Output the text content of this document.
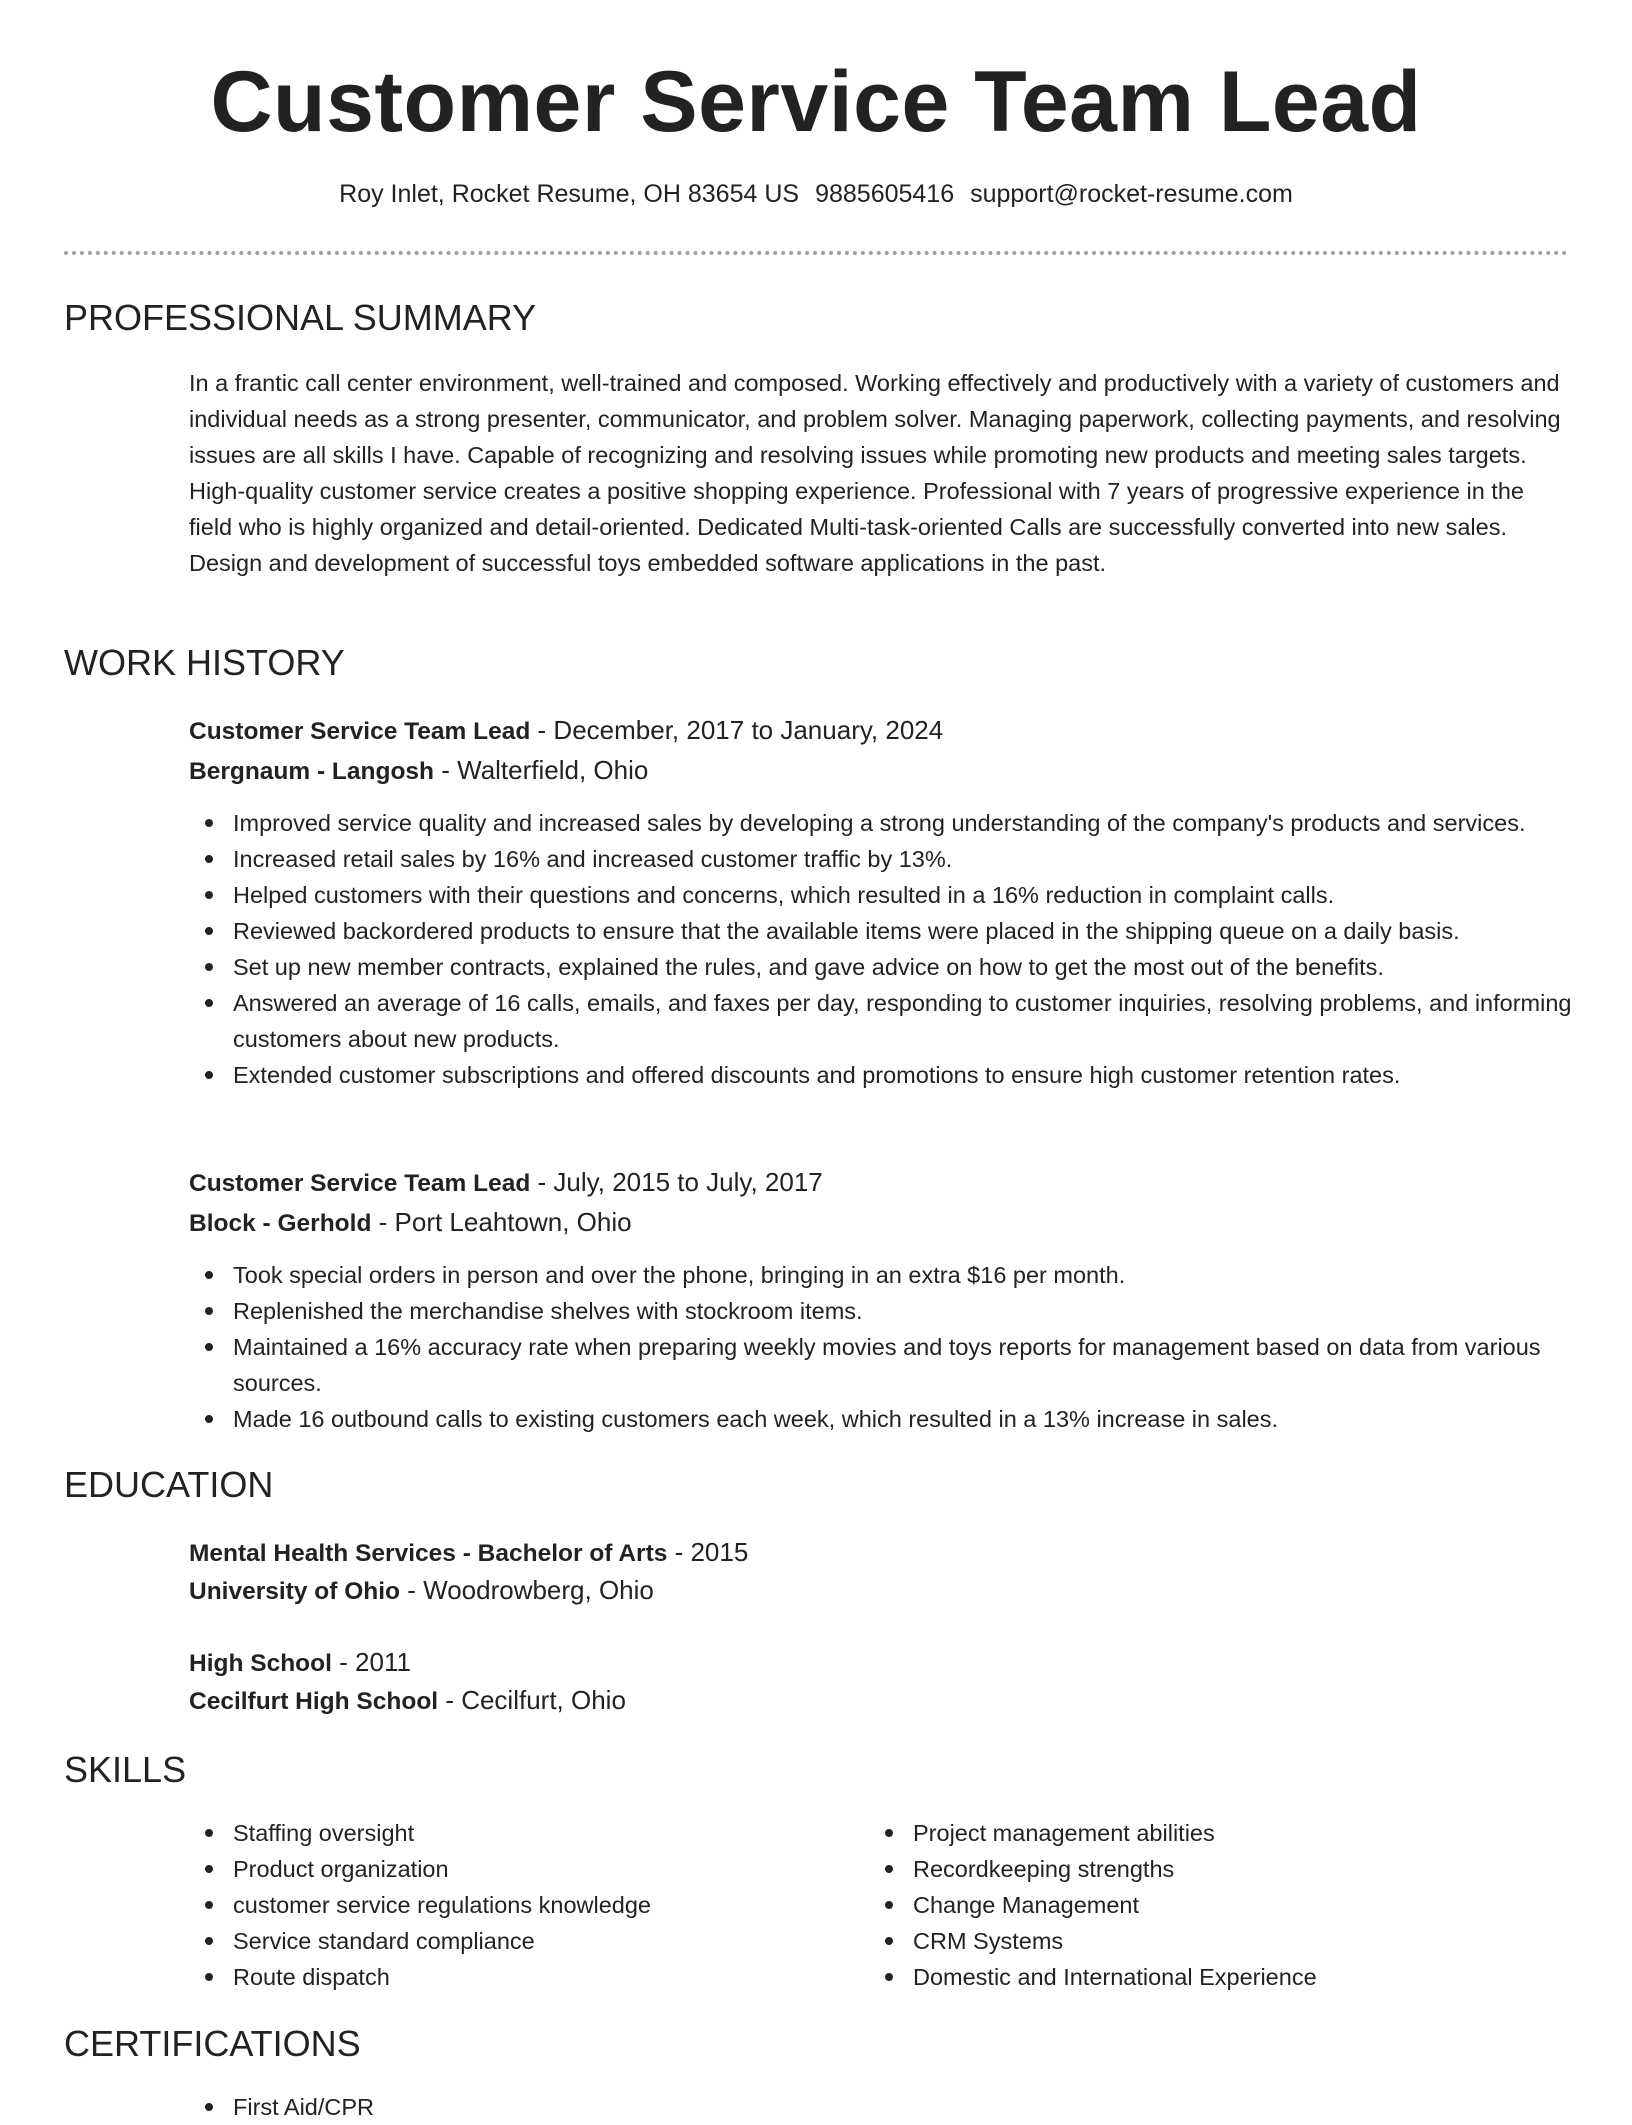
Customer Service Team Lead
Roy Inlet, Rocket Resume, OH 83654 US 9885605416 support@rocket-resume.com
PROFESSIONAL SUMMARY

In a frantic call center environment, well-trained and composed. Working effectively and productively with a variety of customers and individual needs as a strong presenter, communicator, and problem solver. Managing paperwork, collecting payments, and resolving issues are all skills I have. Capable of recognizing and resolving issues while promoting new products and meeting sales targets. High-quality customer service creates a positive shopping experience. Professional with 7 years of progressive experience in the field who is highly organized and detail-oriented. Dedicated Multi-task-oriented Calls are successfully converted into new sales. Design and development of successful toys embedded software applications in the past.

WORK HISTORY
Customer Service Team Lead - December, 2017 to January, 2024
Bergnaum - Langosh - Walterfield, Ohio
Improved service quality and increased sales by developing a strong understanding of the company's products and services.
Increased retail sales by 16% and increased customer traffic by 13%.
Helped customers with their questions and concerns, which resulted in a 16% reduction in complaint calls.
Reviewed backordered products to ensure that the available items were placed in the shipping queue on a daily basis.
Set up new member contracts, explained the rules, and gave advice on how to get the most out of the benefits.
Answered an average of 16 calls, emails, and faxes per day, responding to customer inquiries, resolving problems, and informing customers about new products.
Extended customer subscriptions and offered discounts and promotions to ensure high customer retention rates.
Customer Service Team Lead - July, 2015 to July, 2017
Block - Gerhold - Port Leahtown, Ohio
Took special orders in person and over the phone, bringing in an extra $16 per month.
Replenished the merchandise shelves with stockroom items.
Maintained a 16% accuracy rate when preparing weekly movies and toys reports for management based on data from various sources.
Made 16 outbound calls to existing customers each week, which resulted in a 13% increase in sales.
EDUCATION
Mental Health Services - Bachelor of Arts - 2015
University of Ohio - Woodrowberg, Ohio
High School - 2011
Cecilfurt High School - Cecilfurt, Ohio
SKILLS
Staffing oversight
Product organization
customer service regulations knowledge
Service standard compliance
Route dispatch
Project management abilities
Recordkeeping strengths
Change Management
CRM Systems
Domestic and International Experience
CERTIFICATIONS
First Aid/CPR
